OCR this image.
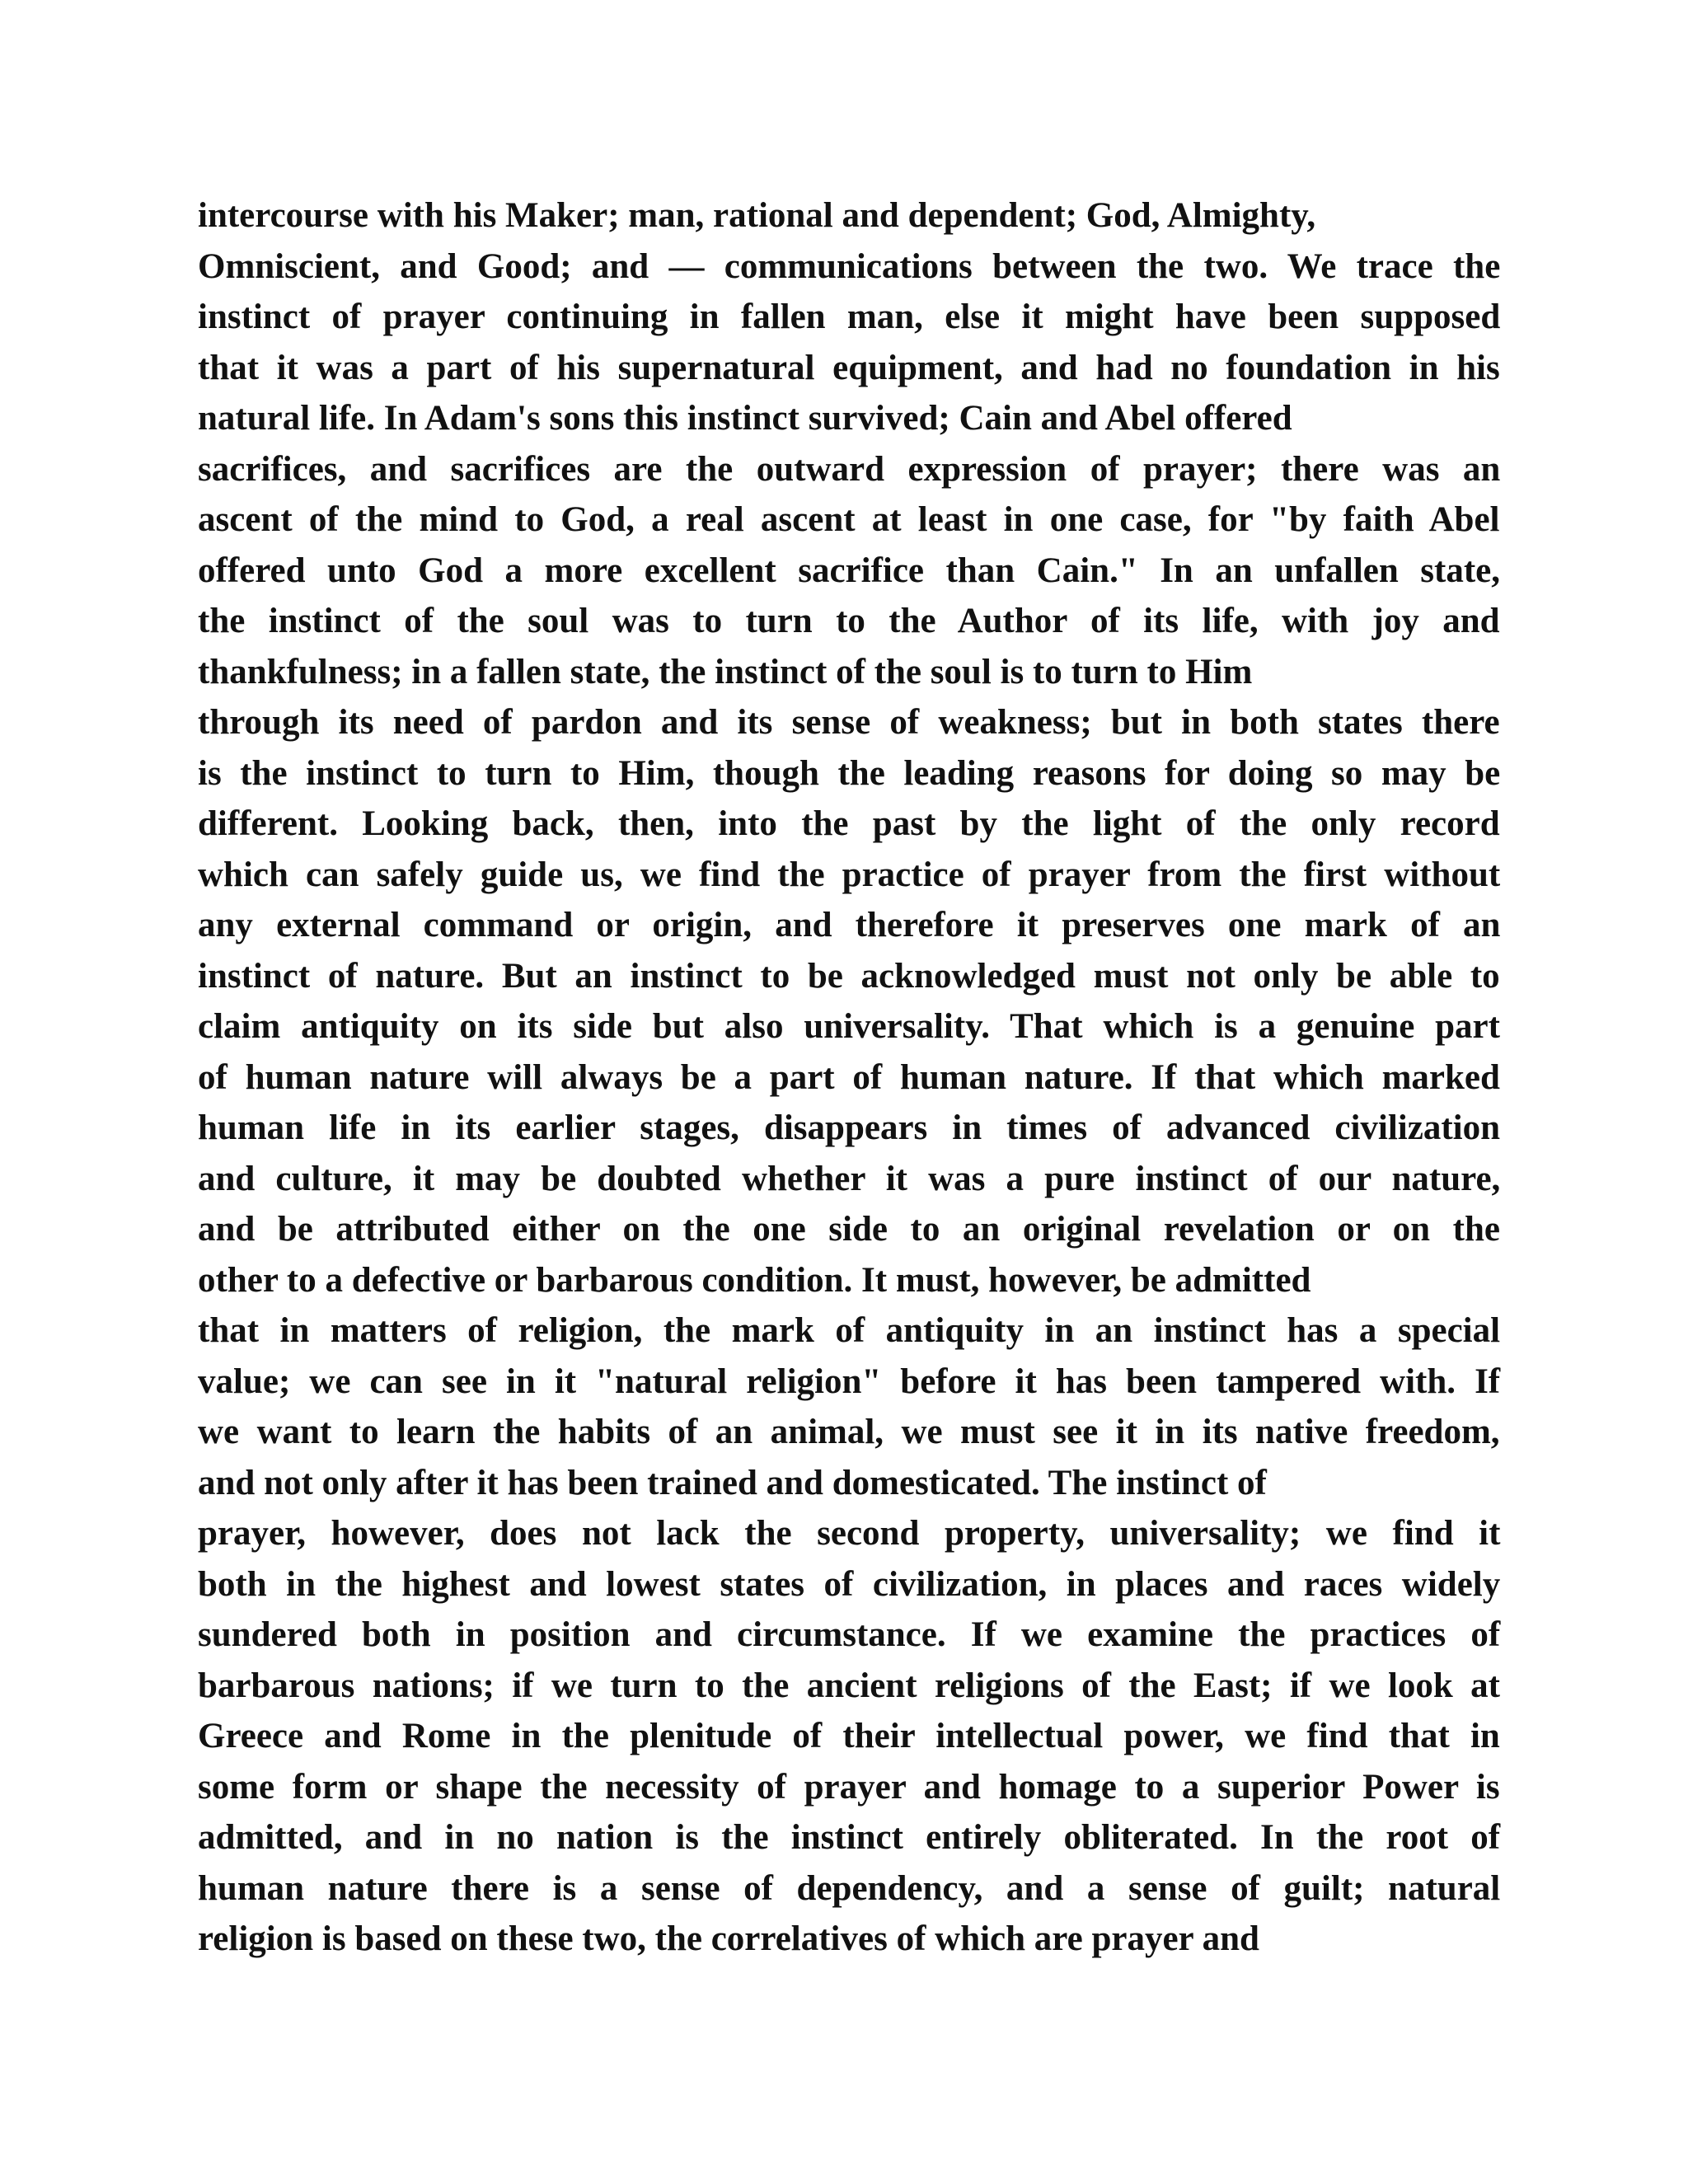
intercourse with his Maker; man, rational and dependent; God, Almighty,
Omniscient, and Good; and — communications between the two. We trace the
instinct of prayer continuing in fallen man, else it might have been supposed
that it was a part of his supernatural equipment, and had no foundation in his
natural life. In Adam's sons this instinct survived; Cain and Abel offered
sacrifices, and sacrifices are the outward expression of prayer; there was an
ascent of the mind to God, a real ascent at least in one case, for "by faith Abel
offered unto God a more excellent sacrifice than Cain." In an unfallen state,
the instinct of the soul was to turn to the Author of its life, with joy and
thankfulness; in a fallen state, the instinct of the soul is to turn to Him
through its need of pardon and its sense of weakness; but in both states there
is the instinct to turn to Him, though the leading reasons for doing so may be
different. Looking back, then, into the past by the light of the only record
which can safely guide us, we find the practice of prayer from the first without
any external command or origin, and therefore it preserves one mark of an
instinct of nature. But an instinct to be acknowledged must not only be able to
claim antiquity on its side but also universality. That which is a genuine part
of human nature will always be a part of human nature. If that which marked
human life in its earlier stages, disappears in times of advanced civilization
and culture, it may be doubted whether it was a pure instinct of our nature,
and be attributed either on the one side to an original revelation or on the
other to a defective or barbarous condition. It must, however, be admitted
that in matters of religion, the mark of antiquity in an instinct has a special
value; we can see in it "natural religion" before it has been tampered with. If
we want to learn the habits of an animal, we must see it in its native freedom,
and not only after it has been trained and domesticated. The instinct of
prayer, however, does not lack the second property, universality; we find it
both in the highest and lowest states of civilization, in places and races widely
sundered both in position and circumstance. If we examine the practices of
barbarous nations; if we turn to the ancient religions of the East; if we look at
Greece and Rome in the plenitude of their intellectual power, we find that in
some form or shape the necessity of prayer and homage to a superior Power is
admitted, and in no nation is the instinct entirely obliterated. In the root of
human nature there is a sense of dependency, and a sense of guilt; natural
religion is based on these two, the correlatives of which are prayer and
